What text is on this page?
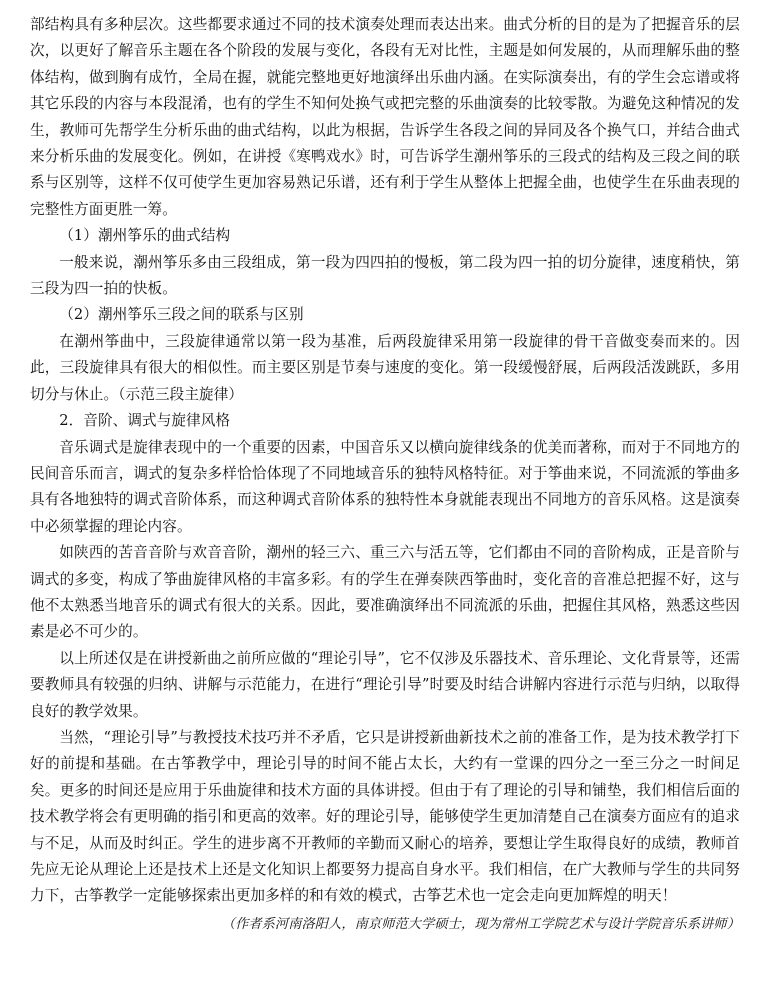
部结构具有多种层次。这些都要求通过不同的技术演奏处理而表达出来。曲式分析的目的是为了把握音乐的层次，以更好了解音乐主题在各个阶段的发展与变化，各段有无对比性，主题是如何发展的，从而理解乐曲的整体结构，做到胸有成竹，全局在握，就能完整地更好地演绎出乐曲内涵。在实际演奏出，有的学生会忘谱或将其它乐段的内容与本段混淆，也有的学生不知何处换气或把完整的乐曲演奏的比较零散。为避免这种情况的发生，教师可先帮学生分析乐曲的曲式结构，以此为根据，告诉学生各段之间的异同及各个换气口，并结合曲式来分析乐曲的发展变化。例如，在讲授《寒鸭戏水》时，可告诉学生潮州筝乐的三段式的结构及三段之间的联系与区别等，这样不仅可使学生更加容易熟记乐谱，还有利于学生从整体上把握全曲，也使学生在乐曲表现的完整性方面更胜一筹。

（1）潮州筝乐的曲式结构

一般来说，潮州筝乐多由三段组成，第一段为四四拍的慢板，第二段为四一拍的切分旋律，速度稍快，第三段为四一拍的快板。

（2）潮州筝乐三段之间的联系与区别

在潮州筝曲中，三段旋律通常以第一段为基准，后两段旋律采用第一段旋律的骨干音做变奏而来的。因此，三段旋律具有很大的相似性。而主要区别是节奏与速度的变化。第一段缓慢舒展，后两段活泼跳跃，多用切分与休止。（示范三段主旋律）

2．音阶、调式与旋律风格

音乐调式是旋律表现中的一个重要的因素，中国音乐又以横向旋律线条的优美而著称，而对于不同地方的民间音乐而言，调式的复杂多样恰恰体现了不同地域音乐的独特风格特征。对于筝曲来说，不同流派的筝曲多具有各地独特的调式音阶体系，而这种调式音阶体系的独特性本身就能表现出不同地方的音乐风格。这是演奏中必须掌握的理论内容。

如陕西的苦音音阶与欢音音阶，潮州的轻三六、重三六与活五等，它们都由不同的音阶构成，正是音阶与调式的多变，构成了筝曲旋律风格的丰富多彩。有的学生在弹奏陕西筝曲时，变化音的音准总把握不好，这与他不太熟悉当地音乐的调式有很大的关系。因此，要准确演绎出不同流派的乐曲，把握住其风格，熟悉这些因素是必不可少的。

以上所述仅是在讲授新曲之前所应做的“理论引导”，它不仅涉及乐器技术、音乐理论、文化背景等，还需要教师具有较强的归纳、讲解与示范能力，在进行“理论引导”时要及时结合讲解内容进行示范与归纳，以取得良好的教学效果。

当然，“理论引导”与教授技术技巧并不矛盾，它只是讲授新曲新技术之前的准备工作，是为技术教学打下好的前提和基础。在古筝教学中，理论引导的时间不能占太长，大约有一堂课的四分之一至三分之一时间足矣。更多的时间还是应用于乐曲旋律和技术方面的具体讲授。但由于有了理论的引导和铺垫，我们相信后面的技术教学将会有更明确的指引和更高的效率。好的理论引导，能够使学生更加清楚自己在演奏方面应有的追求与不足，从而及时纠正。学生的进步离不开教师的辛勤而又耐心的培养，要想让学生取得良好的成绩，教师首先应无论从理论上还是技术上还是文化知识上都要努力提高自身水平。我们相信，在广大教师与学生的共同努力下，古筝教学一定能够探索出更加多样的和有效的模式，古筝艺术也一定会走向更加辉煌的明天！

（作者系河南洛阳人，南京师范大学硕士，现为常州工学院艺术与设计学院音乐系讲师）
